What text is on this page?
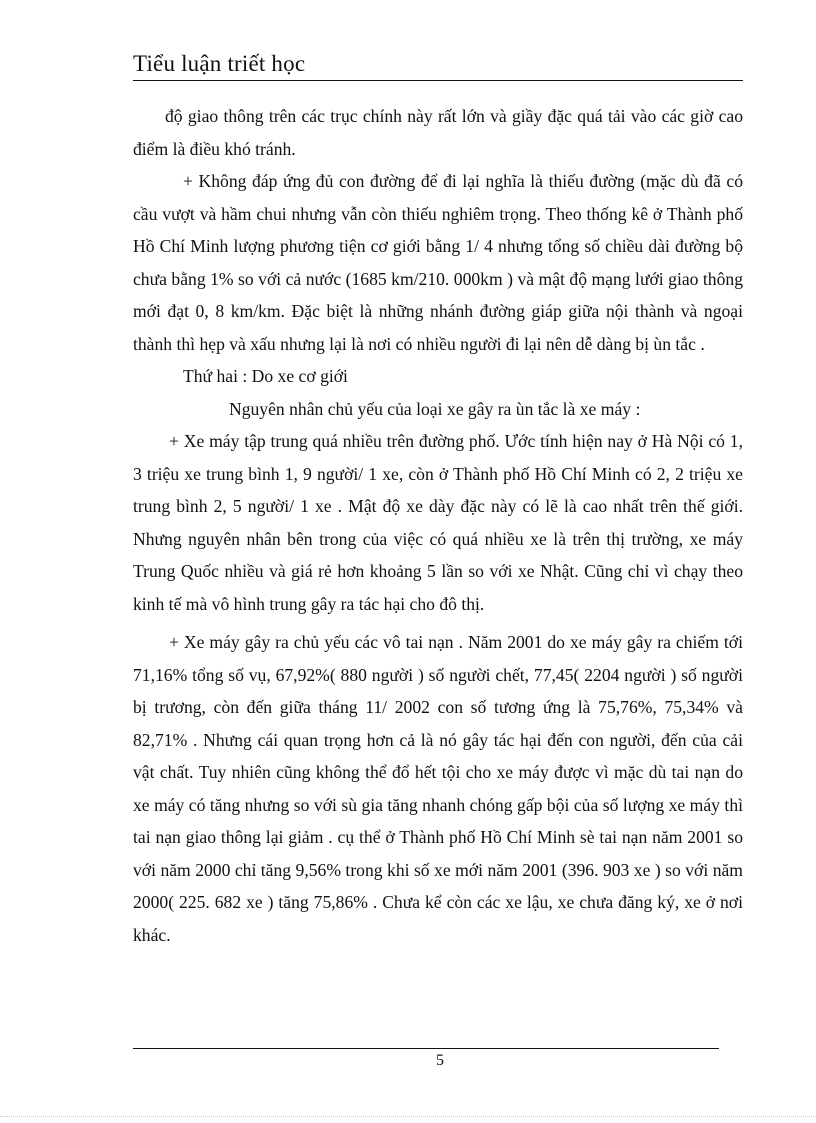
Tiểu luận triết học

độ giao thông trên các trục chính này rất lớn và giầy đặc quá tải vào các giờ cao điểm là điều khó tránh.

+ Không đáp ứng đủ con đường để đi lại nghĩa là thiếu đường (mặc dù đã có cầu vượt và hầm chui nhưng vẫn còn thiếu nghiêm trọng. Theo thống kê ở Thành phố Hồ Chí Minh lượng phương tiện cơ giới bằng 1/ 4 nhưng tổng số chiều dài đường bộ chưa bằng 1% so với cả nước (1685 km/210. 000km ) và mật độ mạng lưới giao thông mới đạt 0, 8 km/km. Đặc biệt là những nhánh đường giáp giữa nội thành và ngoại thành thì hẹp và xấu nhưng lại là nơi có nhiều người đi lại nên dễ dàng bị ùn tắc .

Thứ hai : Do xe cơ giới

Nguyên nhân chủ yếu của loại xe gây ra ùn tắc là xe máy :

+ Xe máy tập trung quá nhiều trên đường phố. Ước tính hiện nay ở Hà Nội có 1, 3 triệu xe trung bình 1, 9 người/ 1 xe, còn ở Thành phố Hồ Chí Minh có 2, 2 triệu xe trung bình 2, 5 người/ 1 xe . Mật độ xe dày đặc này có lẽ là cao nhất trên thế giới. Nhưng nguyên nhân bên trong của việc có quá nhiều xe là trên thị trường, xe máy Trung Quốc nhiều và giá rẻ hơn khoảng 5 lần so với xe Nhật. Cũng chỉ vì chạy theo kinh tế mà vô hình trung gây ra tác hại cho đô thị.

+ Xe máy gây ra chủ yếu các vô tai nạn . Năm 2001 do xe máy gây ra chiếm tới 71,16% tổng số vụ, 67,92%( 880 người ) số người chết, 77,45( 2204 người ) số người bị trương, còn đến giữa tháng 11/ 2002 con số tương ứng là 75,76%, 75,34% và 82,71% . Nhưng cái quan trọng hơn cả là nó gây tác hại đến con người, đến của cải vật chất. Tuy nhiên cũng không thể đổ hết tội cho xe máy được vì mặc dù tai nạn do xe máy có tăng nhưng so với sù gia tăng nhanh chóng gấp bội của số lượng xe máy thì tai nạn giao thông lại giảm . cụ thể ở Thành phố Hồ Chí Minh sè tai nạn năm 2001 so với năm 2000 chỉ tăng 9,56% trong khi số xe mới năm 2001 (396. 903 xe ) so với năm 2000( 225. 682 xe ) tăng 75,86% . Chưa kể còn các xe lậu, xe chưa đăng ký, xe ở nơi khác.

5
